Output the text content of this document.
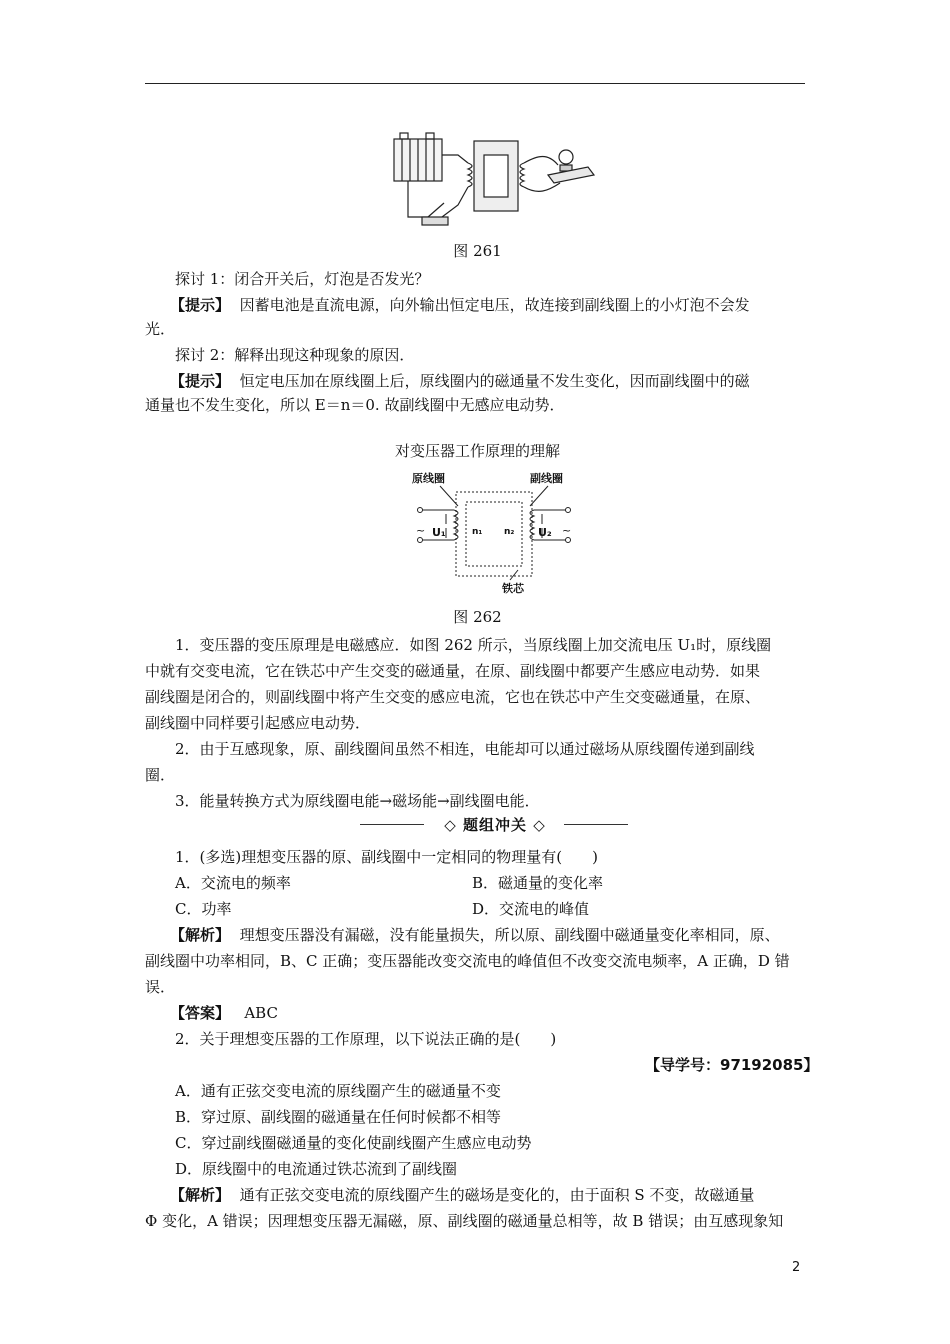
图 261
探讨 1：闭合开关后，灯泡是否发光？
【提示】 因蓄电池是直流电源，向外输出恒定电压，故连接到副线圈上的小灯泡不会发
光．
探讨 2：解释出现这种现象的原因．
【提示】 恒定电压加在原线圈上后，原线圈内的磁通量不发生变化，因而副线圈中的磁
通量也不发生变化，所以 E＝n＝0. 故副线圈中无感应电动势．
对变压器工作原理的理解
原线圈	副线圈
铁芯
U₁	U₂
n₁ n₂
~	~
图 262
1．变压器的变压原理是电磁感应．如图 262 所示，当原线圈上加交流电压 U₁时，原线圈
中就有交变电流，它在铁芯中产生交变的磁通量，在原、副线圈中都要产生感应电动势．如果
副线圈是闭合的，则副线圈中将产生交变的感应电流，它也在铁芯中产生交变磁通量，在原、
副线圈中同样要引起感应电动势．
2．由于互感现象，原、副线圈间虽然不相连，电能却可以通过磁场从原线圈传递到副线
圈．
3．能量转换方式为原线圈电能→磁场能→副线圈电能．
◇ 题组冲关 ◇
1．(多选)理想变压器的原、副线圈中一定相同的物理量有(　　)
A．交流电的频率	B．磁通量的变化率
C．功率	D．交流电的峰值
【解析】 理想变压器没有漏磁，没有能量损失，所以原、副线圈中磁通量变化率相同，原、
副线圈中功率相同，B、C 正确；变压器能改变交流电的峰值但不改变交流电频率，A 正确，D 错
误．
【答案】 ABC
2．关于理想变压器的工作原理，以下说法正确的是(　　)
【导学号：97192085】
A．通有正弦交变电流的原线圈产生的磁通量不变
B．穿过原、副线圈的磁通量在任何时候都不相等
C．穿过副线圈磁通量的变化使副线圈产生感应电动势
D．原线圈中的电流通过铁芯流到了副线圈
【解析】 通有正弦交变电流的原线圈产生的磁场是变化的，由于面积 S 不变，故磁通量
Φ 变化，A 错误；因理想变压器无漏磁，原、副线圈的磁通量总相等，故 B 错误；由互感现象知
2
